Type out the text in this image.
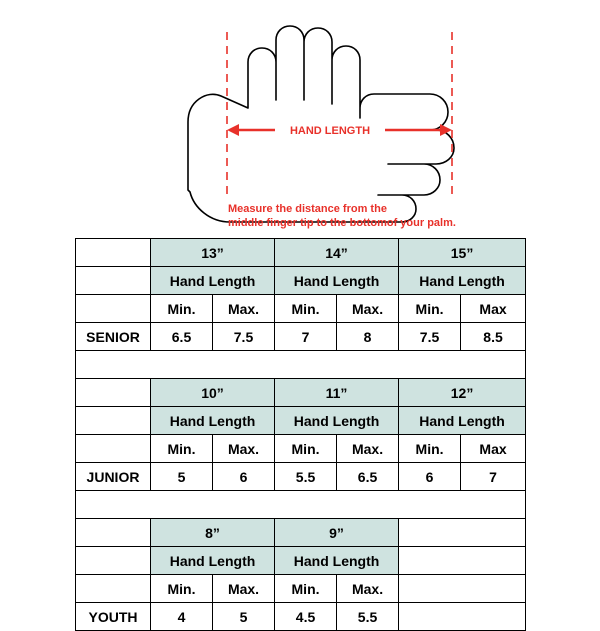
HAND LENGTH
Measure the distance from the
middle finger tip to the bottomof your palm.
	13”		14”		15”	
	Hand Length		Hand Length		Hand Length	
	Min.	Max.	Min.	Max.	Min.	Max
SENIOR	6.5	7.5	7	8	7.5	8.5

	10”		11”		12”	
	Hand Length		Hand Length		Hand Length	
	Min.	Max.	Min.	Max.	Min.	Max
JUNIOR	5	6	5.5	6.5	6	7

	8”		9”			
	Hand Length		Hand Length			
	Min.	Max.	Min.	Max.		
YOUTH	4	5	4.5	5.5		
